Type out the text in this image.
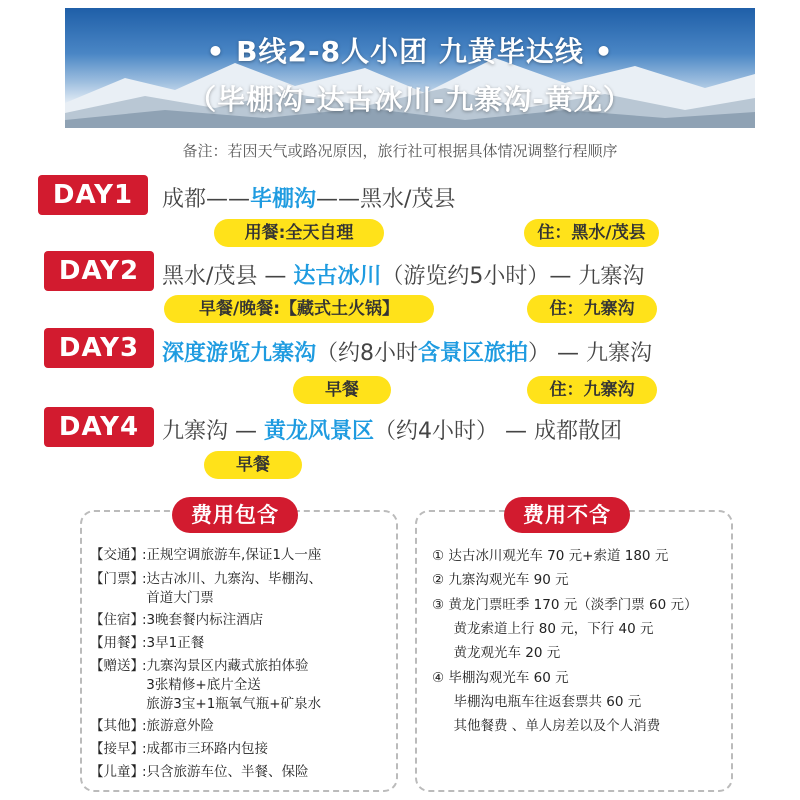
• B线2-8人小团 九黄毕达线 •
（毕棚沟-达古冰川-九寨沟-黄龙）
备注：若因天气或路况原因，旅行社可根据具体情况调整行程顺序
DAY1	成都——毕棚沟——黑水/茂县
用餐:全天自理	住：黑水/茂县
DAY2	黑水/茂县 — 达古冰川（游览约5小时）— 九寨沟
早餐/晚餐:【藏式土火锅】	住：九寨沟
DAY3	深度游览九寨沟（约8小时含景区旅拍） — 九寨沟
早餐	住：九寨沟
DAY4	九寨沟 — 黄龙风景区（约4小时） — 成都散团
早餐
费用包含
【交通】:正规空调旅游车,保证1人一座
【门票】:达古冰川、九寨沟、毕棚沟、
首道大门票
【住宿】:3晚套餐内标注酒店
【用餐】:3早1正餐
【赠送】:九寨沟景区内藏式旅拍体验
3张精修+底片全送
旅游3宝+1瓶氧气瓶+矿泉水
【其他】:旅游意外险
【接早】:成都市三环路内包接
【儿童】:只含旅游车位、半餐、保险
费用不含
① 达古冰川观光车 70 元+索道 180 元
② 九寨沟观光车 90 元
③ 黄龙门票旺季 170 元（淡季门票 60 元）
黄龙索道上行 80 元，下行 40 元
黄龙观光车 20 元
④ 毕棚沟观光车 60 元
毕棚沟电瓶车往返套票共 60 元
其他餐费 、单人房差以及个人消费
